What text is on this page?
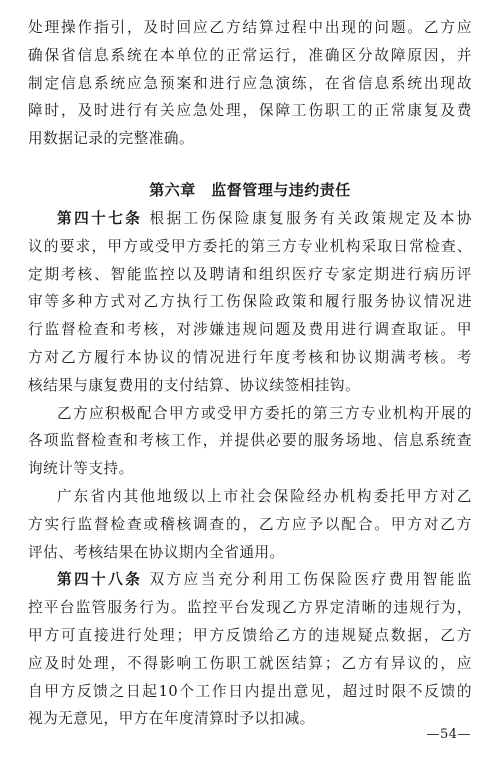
处理操作指引，及时回应乙方结算过程中出现的问题。乙方应
确保省信息系统在本单位的正常运行，准确区分故障原因，并
制定信息系统应急预案和进行应急演练，在省信息系统出现故
障时，及时进行有关应急处理，保障工伤职工的正常康复及费
用数据记录的完整准确。
第六章　监督管理与违约责任
第四十七条 根据工伤保险康复服务有关政策规定及本协
议的要求，甲方或受甲方委托的第三方专业机构采取日常检查、
定期考核、智能监控以及聘请和组织医疗专家定期进行病历评
审等多种方式对乙方执行工伤保险政策和履行服务协议情况进
行监督检查和考核，对涉嫌违规问题及费用进行调查取证。甲
方对乙方履行本协议的情况进行年度考核和协议期满考核。考
核结果与康复费用的支付结算、协议续签相挂钩。
乙方应积极配合甲方或受甲方委托的第三方专业机构开展的
各项监督检查和考核工作，并提供必要的服务场地、信息系统查
询统计等支持。
广东省内其他地级以上市社会保险经办机构委托甲方对乙
方实行监督检查或稽核调查的，乙方应予以配合。甲方对乙方
评估、考核结果在协议期内全省通用。
第四十八条 双方应当充分利用工伤保险医疗费用智能监
控平台监管服务行为。监控平台发现乙方界定清晰的违规行为，
甲方可直接进行处理；甲方反馈给乙方的违规疑点数据，乙方
应及时处理，不得影响工伤职工就医结算；乙方有异议的，应
自甲方反馈之日起10个工作日内提出意见，超过时限不反馈的
视为无意见，甲方在年度清算时予以扣减。
—54—
